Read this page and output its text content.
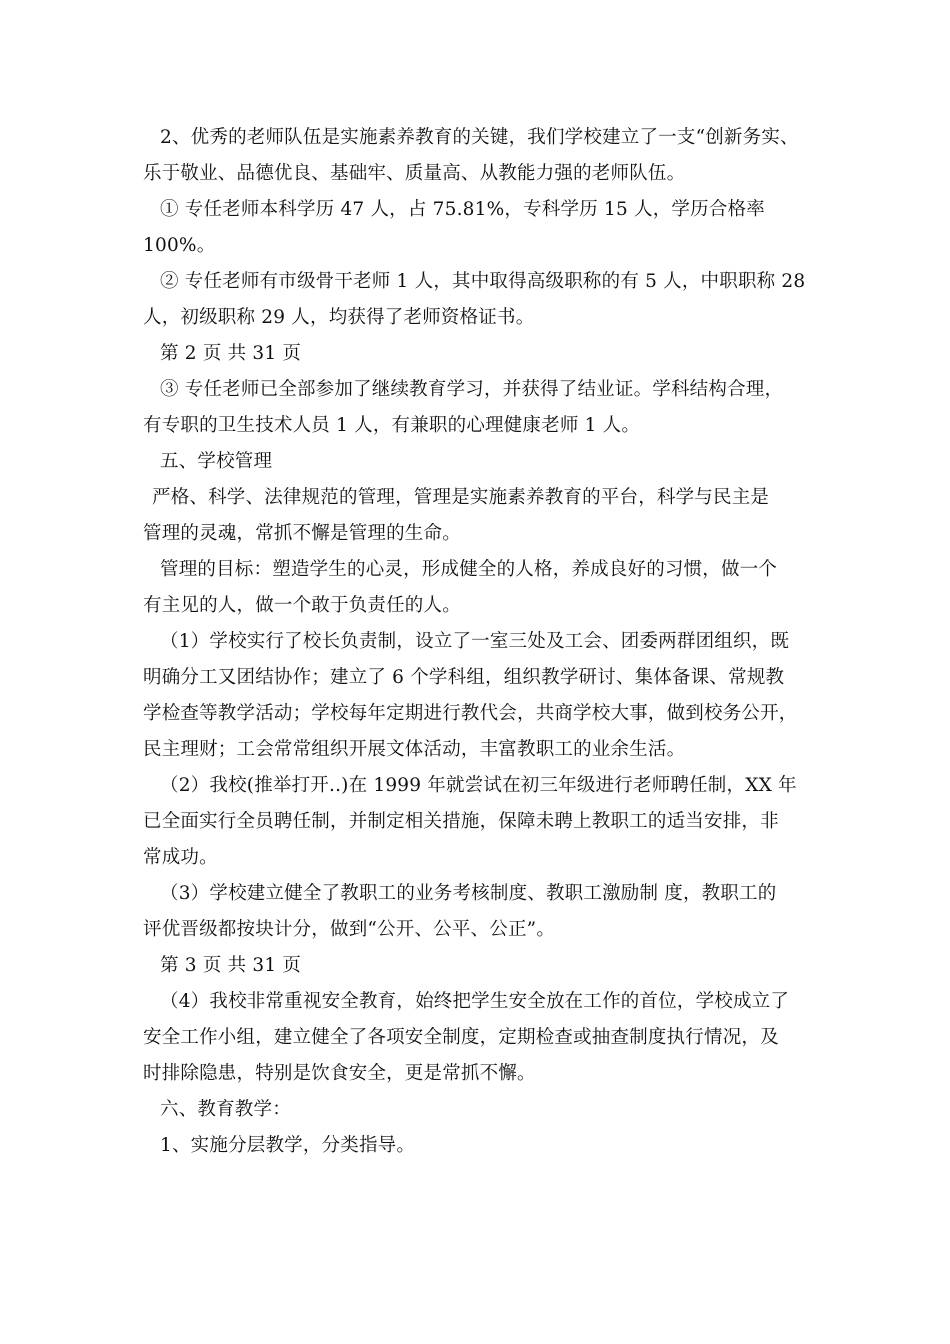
2、优秀的老师队伍是实施素养教育的关键，我们学校建立了一支“创新务实、
乐于敬业、品德优良、基础牢、质量高、从教能力强的老师队伍。
① 专任老师本科学历 47 人，占 75.81%，专科学历 15 人，学历合格率
100%。
② 专任老师有市级骨干老师 1 人，其中取得高级职称的有 5 人，中职职称 28
人，初级职称 29 人，均获得了老师资格证书。
第 2 页 共 31 页
③ 专任老师已全部参加了继续教育学习，并获得了结业证。学科结构合理，
有专职的卫生技术人员 1 人，有兼职的心理健康老师 1 人。
五、学校管理
严格、科学、法律规范的管理，管理是实施素养教育的平台，科学与民主是
管理的灵魂，常抓不懈是管理的生命。
管理的目标：塑造学生的心灵，形成健全的人格，养成良好的习惯，做一个
有主见的人，做一个敢于负责任的人。
（1）学校实行了校长负责制，设立了一室三处及工会、团委两群团组织，既
明确分工又团结协作；建立了 6 个学科组，组织教学研讨、集体备课、常规教
学检查等教学活动；学校每年定期进行教代会，共商学校大事，做到校务公开，
民主理财；工会常常组织开展文体活动，丰富教职工的业余生活。
（2）我校(推举打开..)在 1999 年就尝试在初三年级进行老师聘任制，XX 年
已全面实行全员聘任制，并制定相关措施，保障未聘上教职工的适当安排，非
常成功。
（3）学校建立健全了教职工的业务考核制度、教职工激励制 度，教职工的
评优晋级都按块计分，做到“公开、公平、公正”。
第 3 页 共 31 页
（4）我校非常重视安全教育，始终把学生安全放在工作的首位，学校成立了
安全工作小组，建立健全了各项安全制度，定期检查或抽查制度执行情况，及
时排除隐患，特别是饮食安全，更是常抓不懈。
六、教育教学：
1、实施分层教学，分类指导。
